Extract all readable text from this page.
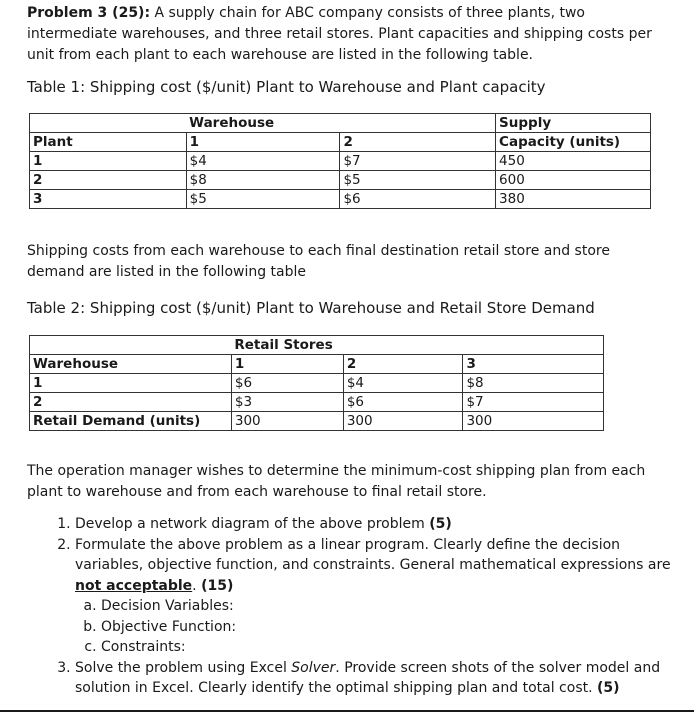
Problem 3 (25): A supply chain for ABC company consists of three plants, two intermediate warehouses, and three retail stores. Plant capacities and shipping costs per unit from each plant to each warehouse are listed in the following table.

Table 1: Shipping cost ($/unit) Plant to Warehouse and Plant capacity

	Warehouse		Supply
Plant	1	2	Capacity (units)
1	$4	$7	450
2	$8	$5	600
3	$5	$6	380

Shipping costs from each warehouse to each final destination retail store and store demand are listed in the following table

Table 2: Shipping cost ($/unit) Plant to Warehouse and Retail Store Demand

	Retail Stores		
Warehouse	1	2	3
1	$6	$4	$8
2	$3	$6	$7
Retail Demand (units)	300	300	300

The operation manager wishes to determine the minimum-cost shipping plan from each plant to warehouse and from each warehouse to final retail store.

1. Develop a network diagram of the above problem (5)
2. Formulate the above problem as a linear program. Clearly define the decision variables, objective function, and constraints. General mathematical expressions are not acceptable. (15)
a. Decision Variables:
b. Objective Function:
c. Constraints:
3. Solve the problem using Excel Solver. Provide screen shots of the solver model and solution in Excel. Clearly identify the optimal shipping plan and total cost. (5)
